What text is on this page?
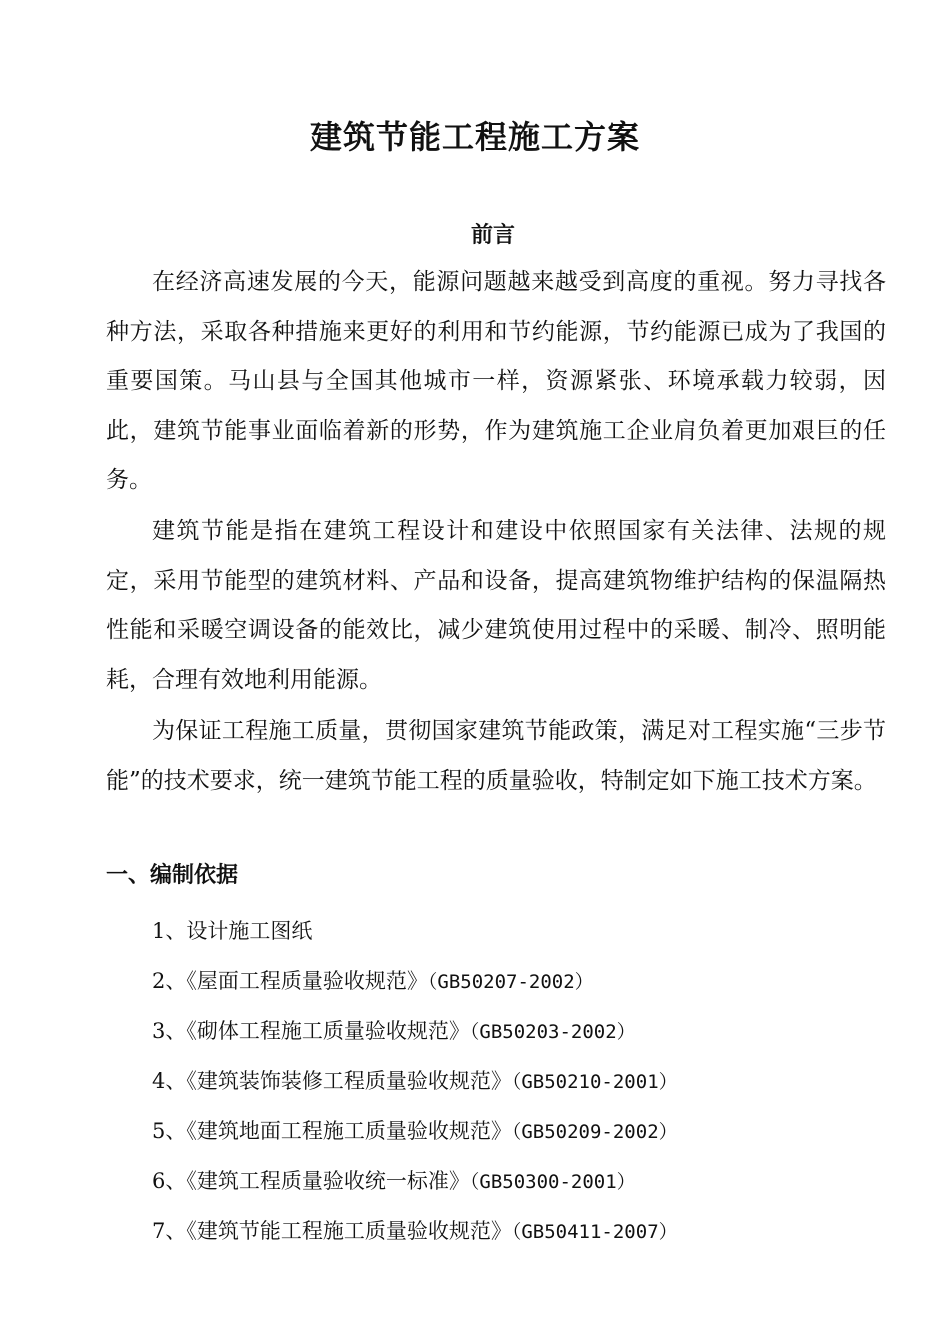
建筑节能工程施工方案
前言

在经济高速发展的今天，能源问题越来越受到高度的重视。努力寻找各种方法，采取各种措施来更好的利用和节约能源，节约能源已成为了我国的重要国策。马山县与全国其他城市一样，资源紧张、环境承载力较弱，因此，建筑节能事业面临着新的形势，作为建筑施工企业肩负着更加艰巨的任务。

建筑节能是指在建筑工程设计和建设中依照国家有关法律、法规的规定，采用节能型的建筑材料、产品和设备，提高建筑物维护结构的保温隔热性能和采暖空调设备的能效比，减少建筑使用过程中的采暖、制冷、照明能耗，合理有效地利用能源。

为保证工程施工质量，贯彻国家建筑节能政策，满足对工程实施“三步节能”的技术要求，统一建筑节能工程的质量验收，特制定如下施工技术方案。

一、编制依据
1、设计施工图纸
2、《屋面工程质量验收规范》（GB50207-2002）
3、《砌体工程施工质量验收规范》（GB50203-2002）
4、《建筑装饰装修工程质量验收规范》（GB50210-2001）
5、《建筑地面工程施工质量验收规范》（GB50209-2002）
6、《建筑工程质量验收统一标准》（GB50300-2001）
7、《建筑节能工程施工质量验收规范》（GB50411-2007）
